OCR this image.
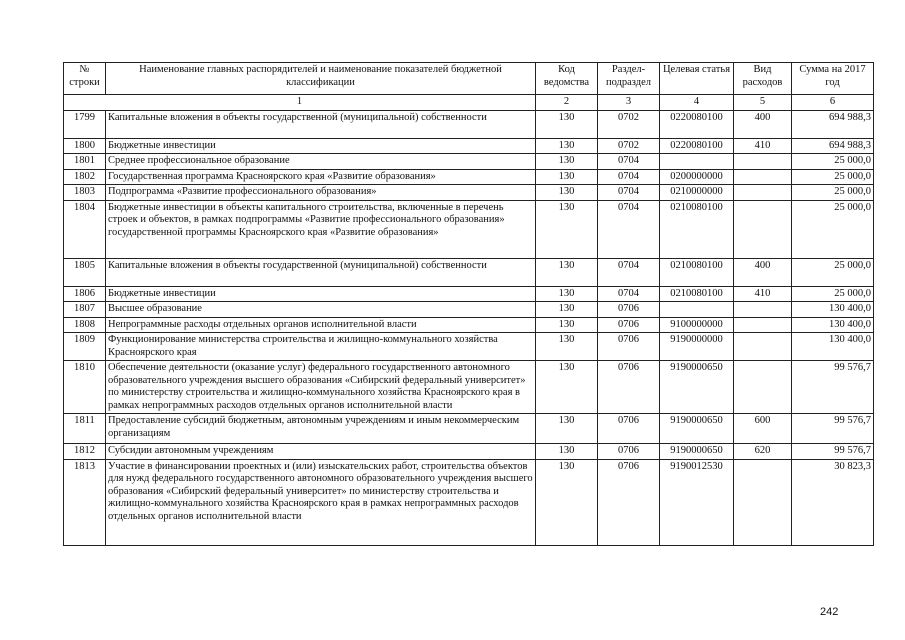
№ строки	Наименование главных распорядителей и наименование показателей бюджетной классификации	Код ведомства	Раздел-подраздел	Целевая статья	Вид расходов	Сумма на 2017 год
1		2	3	4	5	6
1799	Капитальные вложения в объекты государственной (муниципальной) собственности	130	0702	0220080100	400	694 988,3
1800	Бюджетные инвестиции	130	0702	0220080100	410	694 988,3
1801	Среднее профессиональное образование	130	0704			25 000,0
1802	Государственная программа Красноярского края «Развитие образования»	130	0704	0200000000		25 000,0
1803	Подпрограмма «Развитие профессионального образования»	130	0704	0210000000		25 000,0
1804	Бюджетные инвестиции в объекты капитального строительства, включенные в перечень строек и объектов, в рамках подпрограммы «Развитие профессионального образования» государственной программы Красноярского края «Развитие образования»	130	0704	0210080100		25 000,0
1805	Капитальные вложения в объекты государственной (муниципальной) собственности	130	0704	0210080100	400	25 000,0
1806	Бюджетные инвестиции	130	0704	0210080100	410	25 000,0
1807	Высшее образование	130	0706			130 400,0
1808	Непрограммные расходы отдельных органов исполнительной власти	130	0706	9100000000		130 400,0
1809	Функционирование министерства строительства и жилищно-коммунального хозяйства Красноярского края	130	0706	9190000000		130 400,0
1810	Обеспечение деятельности (оказание услуг) федерального государственного автономного образовательного учреждения высшего образования «Сибирский федеральный университет» по министерству строительства и жилищно-коммунального хозяйства Красноярского края в рамках непрограммных расходов отдельных органов исполнительной власти	130	0706	9190000650		99 576,7
1811	Предоставление субсидий бюджетным, автономным учреждениям и иным некоммерческим организациям	130	0706	9190000650	600	99 576,7
1812	Субсидии автономным учреждениям	130	0706	9190000650	620	99 576,7
1813	Участие в финансировании проектных и (или) изыскательских работ, строительства объектов для нужд федерального государственного автономного образовательного учреждения высшего образования «Сибирский федеральный университет» по министерству строительства и жилищно-коммунального хозяйства Красноярского края в рамках непрограммных расходов отдельных органов исполнительной власти	130	0706	9190012530		30 823,3
242
